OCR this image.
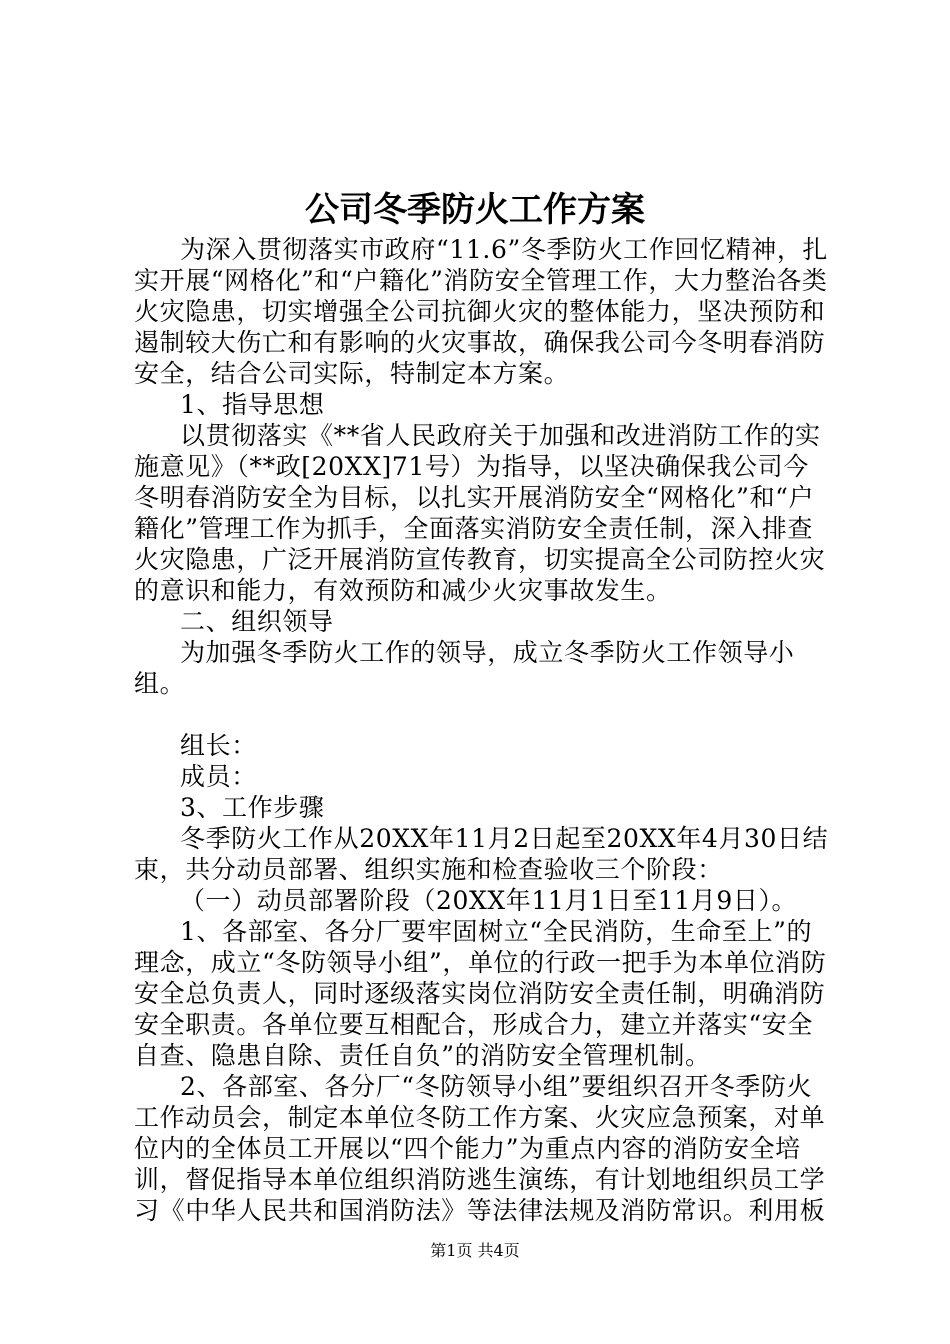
公司冬季防火工作方案

为深入贯彻落实市政府“11.6”冬季防火工作回忆精神，扎实开展“网格化”和“户籍化”消防安全管理工作，大力整治各类火灾隐患，切实增强全公司抗御火灾的整体能力，坚决预防和遏制较大伤亡和有影响的火灾事故，确保我公司今冬明春消防安全，结合公司实际，特制定本方案。

1、指导思想

以贯彻落实《**省人民政府关于加强和改进消防工作的实施意见》（**政[20XX]71号）为指导，以坚决确保我公司今冬明春消防安全为目标，以扎实开展消防安全“网格化”和“户籍化”管理工作为抓手，全面落实消防安全责任制，深入排查火灾隐患，广泛开展消防宣传教育，切实提高全公司防控火灾的意识和能力，有效预防和减少火灾事故发生。

二、组织领导

为加强冬季防火工作的领导，成立冬季防火工作领导小组。

组长：

成员：

3、工作步骤

冬季防火工作从20XX年11月2日起至20XX年4月30日结束，共分动员部署、组织实施和检查验收三个阶段：

（一）动员部署阶段（20XX年11月1日至11月9日）。

1、各部室、各分厂要牢固树立“全民消防，生命至上”的理念，成立“冬防领导小组”，单位的行政一把手为本单位消防安全总负责人，同时逐级落实岗位消防安全责任制，明确消防安全职责。各单位要互相配合，形成合力，建立并落实“安全自查、隐患自除、责任自负”的消防安全管理机制。

2、各部室、各分厂“冬防领导小组”要组织召开冬季防火工作动员会，制定本单位冬防工作方案、火灾应急预案，对单位内的全体员工开展以“四个能力”为重点内容的消防安全培训，督促指导本单位组织消防逃生演练，有计划地组织员工学习《中华人民共和国消防法》等法律法规及消防常识。利用板

第1页 共4页
